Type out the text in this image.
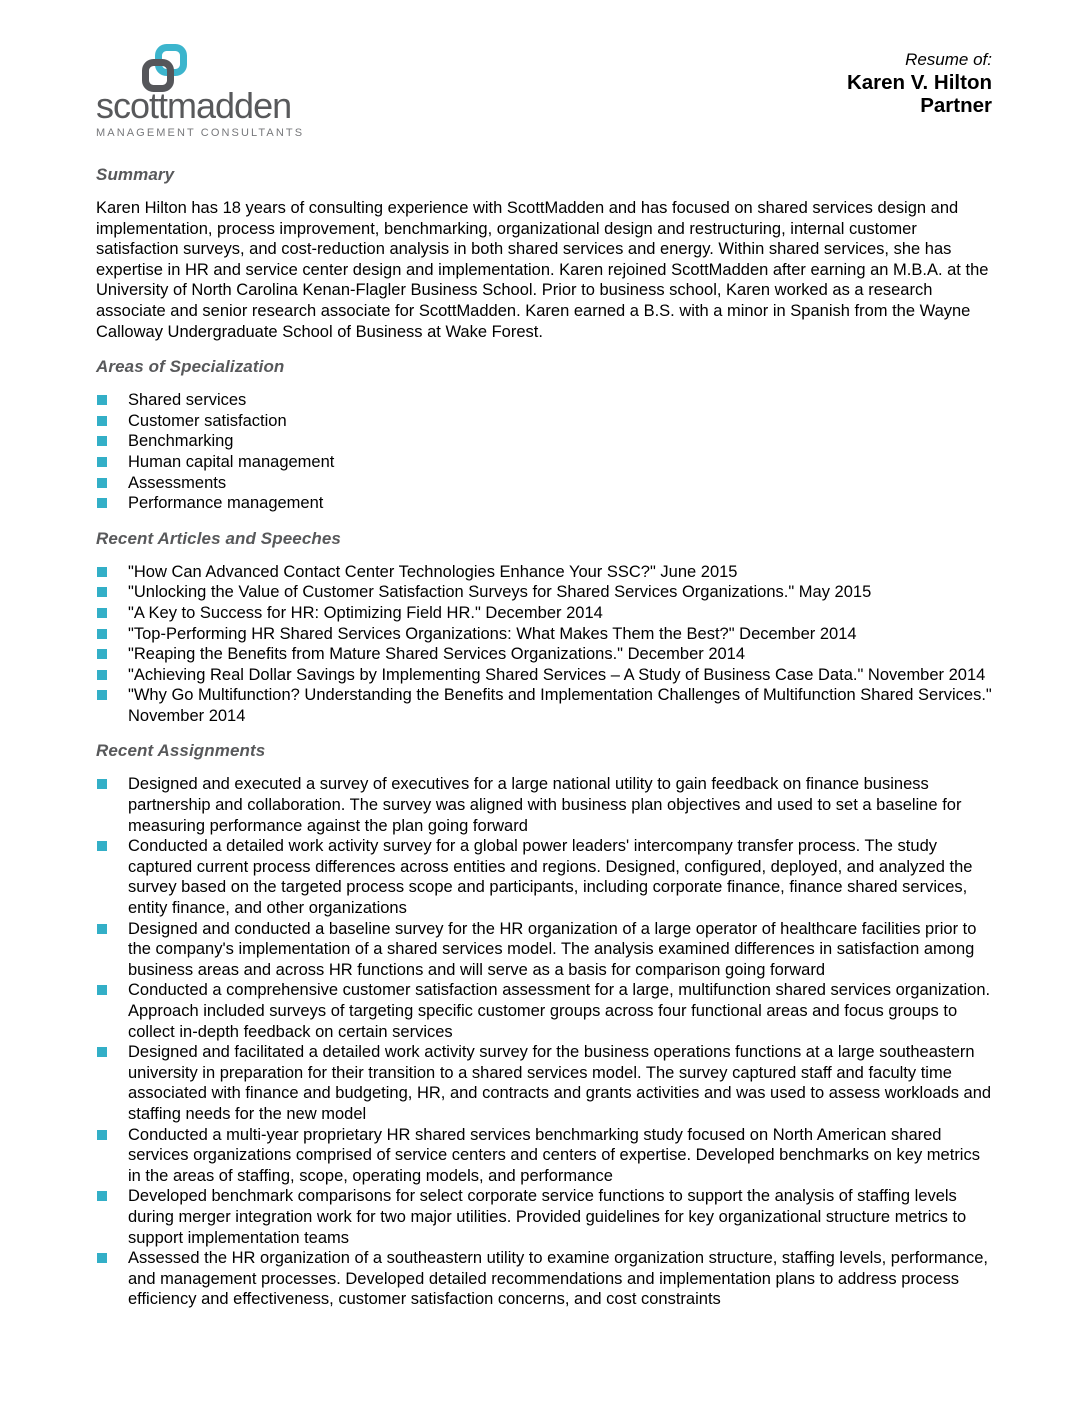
scottmadden
MANAGEMENT CONSULTANTS
Resume of:
Karen V. Hilton
Partner
Summary

Karen Hilton has 18 years of consulting experience with ScottMadden and has focused on shared services design and implementation, process improvement, benchmarking, organizational design and restructuring, internal customer satisfaction surveys, and cost-reduction analysis in both shared services and energy. Within shared services, she has expertise in HR and service center design and implementation. Karen rejoined ScottMadden after earning an M.B.A. at the University of North Carolina Kenan-Flagler Business School. Prior to business school, Karen worked as a research associate and senior research associate for ScottMadden. Karen earned a B.S. with a minor in Spanish from the Wayne Calloway Undergraduate School of Business at Wake Forest.

Areas of Specialization
Shared services
Customer satisfaction
Benchmarking
Human capital management
Assessments
Performance management
Recent Articles and Speeches
"How Can Advanced Contact Center Technologies Enhance Your SSC?" June 2015
"Unlocking the Value of Customer Satisfaction Surveys for Shared Services Organizations." May 2015
"A Key to Success for HR: Optimizing Field HR." December 2014
"Top-Performing HR Shared Services Organizations: What Makes Them the Best?" December 2014
"Reaping the Benefits from Mature Shared Services Organizations." December 2014
"Achieving Real Dollar Savings by Implementing Shared Services – A Study of Business Case Data." November 2014
"Why Go Multifunction? Understanding the Benefits and Implementation Challenges of Multifunction Shared Services." November 2014
Recent Assignments
Designed and executed a survey of executives for a large national utility to gain feedback on finance business partnership and collaboration. The survey was aligned with business plan objectives and used to set a baseline for measuring performance against the plan going forward
Conducted a detailed work activity survey for a global power leaders' intercompany transfer process. The study captured current process differences across entities and regions. Designed, configured, deployed, and analyzed the survey based on the targeted process scope and participants, including corporate finance, finance shared services, entity finance, and other organizations
Designed and conducted a baseline survey for the HR organization of a large operator of healthcare facilities prior to the company's implementation of a shared services model. The analysis examined differences in satisfaction among business areas and across HR functions and will serve as a basis for comparison going forward
Conducted a comprehensive customer satisfaction assessment for a large, multifunction shared services organization. Approach included surveys of targeting specific customer groups across four functional areas and focus groups to collect in-depth feedback on certain services
Designed and facilitated a detailed work activity survey for the business operations functions at a large southeastern university in preparation for their transition to a shared services model. The survey captured staff and faculty time associated with finance and budgeting, HR, and contracts and grants activities and was used to assess workloads and staffing needs for the new model
Conducted a multi-year proprietary HR shared services benchmarking study focused on North American shared services organizations comprised of service centers and centers of expertise. Developed benchmarks on key metrics in the areas of staffing, scope, operating models, and performance
Developed benchmark comparisons for select corporate service functions to support the analysis of staffing levels during merger integration work for two major utilities. Provided guidelines for key organizational structure metrics to support implementation teams
Assessed the HR organization of a southeastern utility to examine organization structure, staffing levels, performance, and management processes. Developed detailed recommendations and implementation plans to address process efficiency and effectiveness, customer satisfaction concerns, and cost constraints
